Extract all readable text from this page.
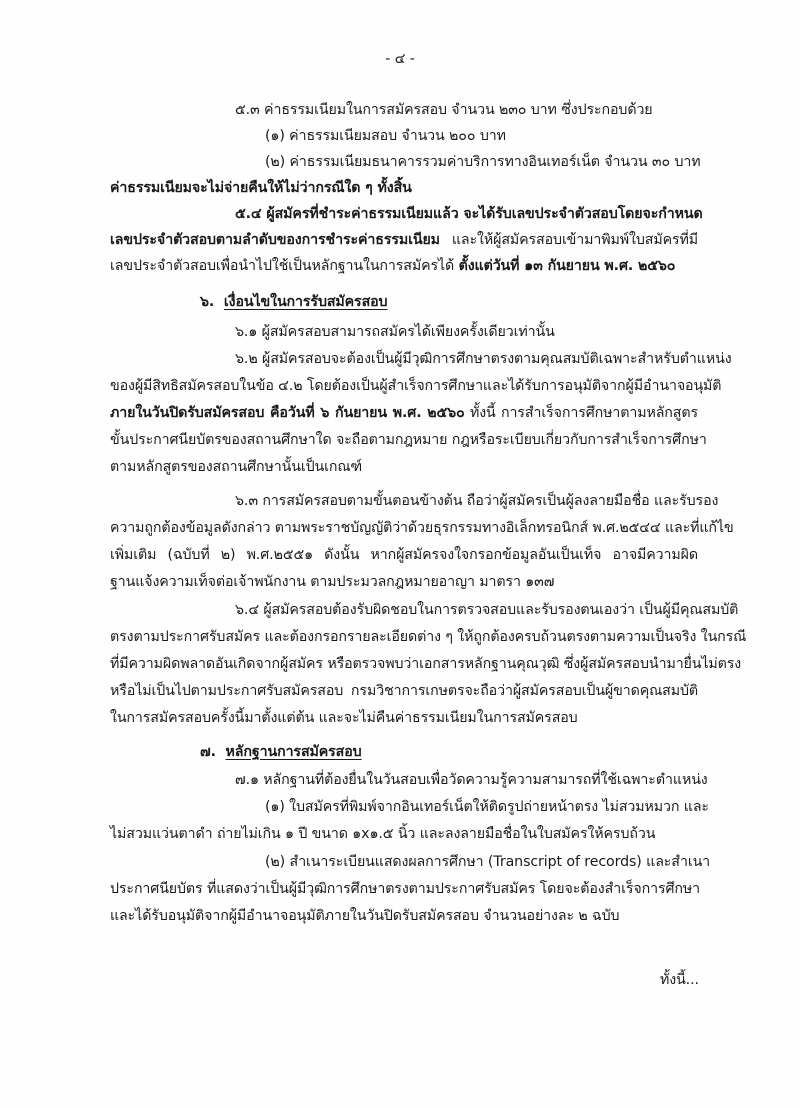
- ๔ -
๕.๓ ค่าธรรมเนียมในการสมัครสอบ จำนวน ๒๓๐ บาท ซึ่งประกอบด้วย
(๑) ค่าธรรมเนียมสอบ จำนวน ๒๐๐ บาท
(๒) ค่าธรรมเนียมธนาคารรวมค่าบริการทางอินเทอร์เน็ต จำนวน ๓๐ บาท
ค่าธรรมเนียมจะไม่จ่ายคืนให้ไม่ว่ากรณีใด ๆ ทั้งสิ้น
๕.๔ ผู้สมัครที่ชำระค่าธรรมเนียมแล้ว จะได้รับเลขประจำตัวสอบโดยจะกำหนด
เลขประจำตัวสอบตามลำดับของการชำระค่าธรรมเนียม และให้ผู้สมัครสอบเข้ามาพิมพ์ใบสมัครที่มี
เลขประจำตัวสอบเพื่อนำไปใช้เป็นหลักฐานในการสมัครได้ ตั้งแต่วันที่ ๑๓ กันยายน พ.ศ. ๒๕๖๐
๖. เงื่อนไขในการรับสมัครสอบ
๖.๑ ผู้สมัครสอบสามารถสมัครได้เพียงครั้งเดียวเท่านั้น
๖.๒ ผู้สมัครสอบจะต้องเป็นผู้มีวุฒิการศึกษาตรงตามคุณสมบัติเฉพาะสำหรับตำแหน่ง
ของผู้มีสิทธิสมัครสอบในข้อ ๔.๒ โดยต้องเป็นผู้สำเร็จการศึกษาและได้รับการอนุมัติจากผู้มีอำนาจอนุมัติ
ภายในวันปิดรับสมัครสอบ คือวันที่ ๖ กันยายน พ.ศ. ๒๕๖๐ ทั้งนี้ การสำเร็จการศึกษาตามหลักสูตร
ขั้นประกาศนียบัตรของสถานศึกษาใด จะถือตามกฎหมาย กฎหรือระเบียบเกี่ยวกับการสำเร็จการศึกษา
ตามหลักสูตรของสถานศึกษานั้นเป็นเกณฑ์
๖.๓ การสมัครสอบตามขั้นตอนข้างต้น ถือว่าผู้สมัครเป็นผู้ลงลายมือชื่อ และรับรอง
ความถูกต้องข้อมูลดังกล่าว ตามพระราชบัญญัติว่าด้วยธุรกรรมทางอิเล็กทรอนิกส์ พ.ศ.๒๕๔๔ และที่แก้ไข
เพิ่มเติม (ฉบับที่ ๒) พ.ศ.๒๕๕๑ ดังนั้น หากผู้สมัครจงใจกรอกข้อมูลอันเป็นเท็จ อาจมีความผิด
ฐานแจ้งความเท็จต่อเจ้าพนักงาน ตามประมวลกฎหมายอาญา มาตรา ๑๓๗
๖.๔ ผู้สมัครสอบต้องรับผิดชอบในการตรวจสอบและรับรองตนเองว่า เป็นผู้มีคุณสมบัติ
ตรงตามประกาศรับสมัคร และต้องกรอกรายละเอียดต่าง ๆ ให้ถูกต้องครบถ้วนตรงตามความเป็นจริง ในกรณี
ที่มีความผิดพลาดอันเกิดจากผู้สมัคร หรือตรวจพบว่าเอกสารหลักฐานคุณวุฒิ ซึ่งผู้สมัครสอบนำมายื่นไม่ตรง
หรือไม่เป็นไปตามประกาศรับสมัครสอบ กรมวิชาการเกษตรจะถือว่าผู้สมัครสอบเป็นผู้ขาดคุณสมบัติ
ในการสมัครสอบครั้งนี้มาตั้งแต่ต้น และจะไม่คืนค่าธรรมเนียมในการสมัครสอบ
๗. หลักฐานการสมัครสอบ
๗.๑ หลักฐานที่ต้องยื่นในวันสอบเพื่อวัดความรู้ความสามารถที่ใช้เฉพาะตำแหน่ง
(๑) ใบสมัครที่พิมพ์จากอินเทอร์เน็ตให้ติดรูปถ่ายหน้าตรง ไม่สวมหมวก และ
ไม่สวมแว่นตาดำ ถ่ายไม่เกิน ๑ ปี ขนาด ๑x๑.๕ นิ้ว และลงลายมือชื่อในใบสมัครให้ครบถ้วน
(๒) สำเนาระเบียนแสดงผลการศึกษา (Transcript of records) และสำเนา
ประกาศนียบัตร ที่แสดงว่าเป็นผู้มีวุฒิการศึกษาตรงตามประกาศรับสมัคร โดยจะต้องสำเร็จการศึกษา
และได้รับอนุมัติจากผู้มีอำนาจอนุมัติภายในวันปิดรับสมัครสอบ จำนวนอย่างละ ๒ ฉบับ
ทั้งนี้...
